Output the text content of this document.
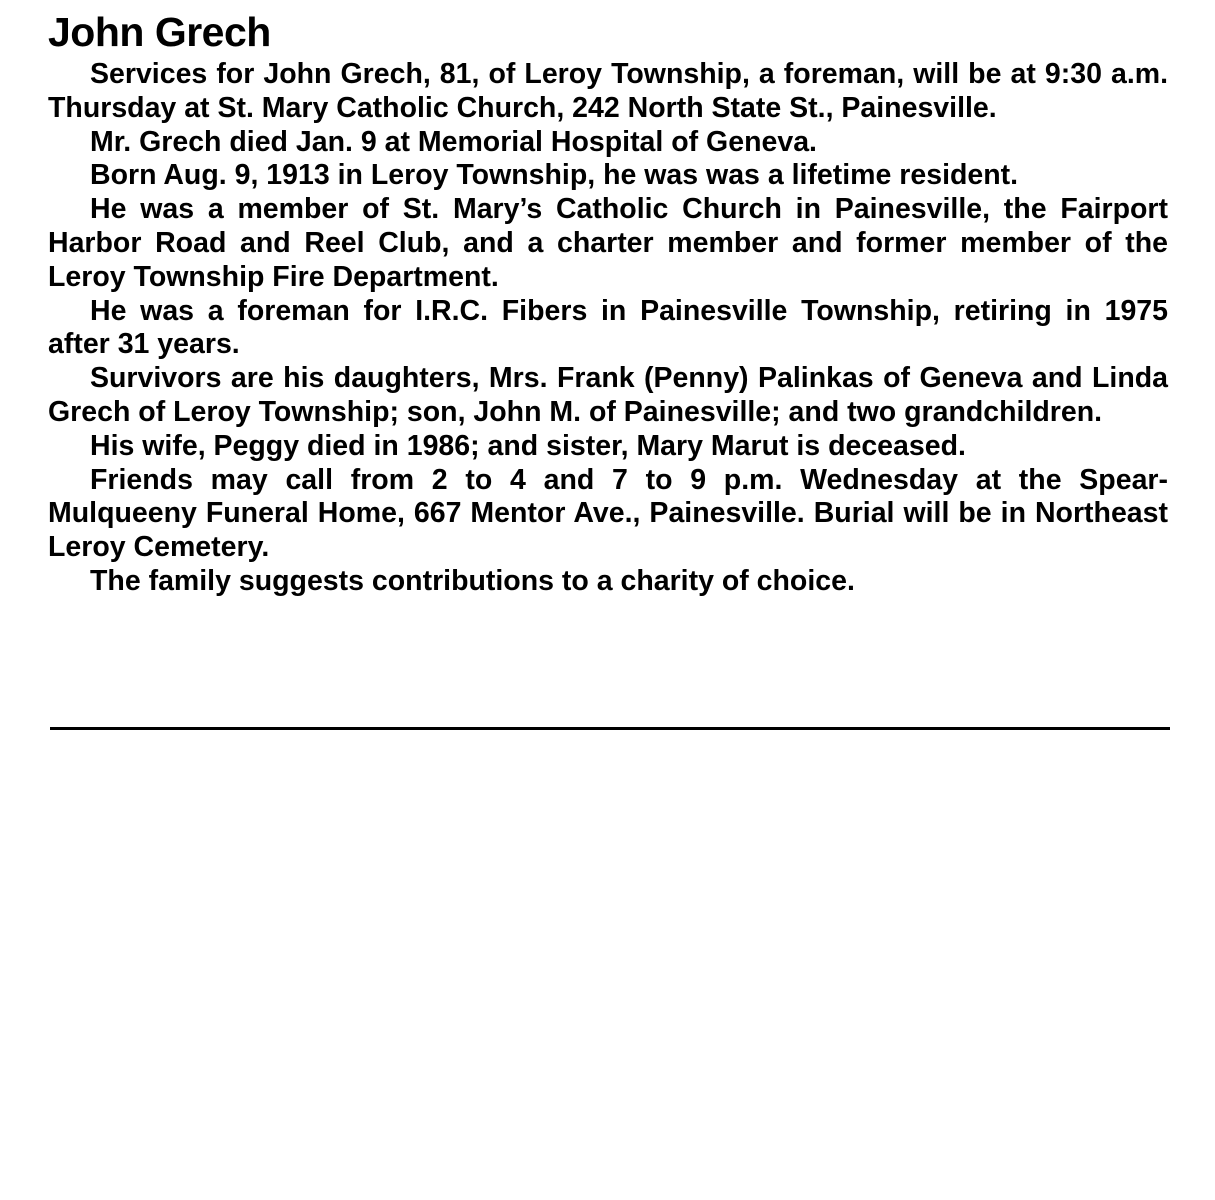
John Grech

Services for John Grech, 81, of Leroy Township, a foreman, will be at 9:30 a.m. Thursday at St. Mary Catholic Church, 242 North State St., Painesville.

Mr. Grech died Jan. 9 at Memorial Hospital of Geneva.

Born Aug. 9, 1913 in Leroy Township, he was was a lifetime resident.

He was a member of St. Mary’s Catholic Church in Painesville, the Fairport Harbor Road and Reel Club, and a charter member and former member of the Leroy Township Fire Department.

He was a foreman for I.R.C. Fibers in Painesville Township, retiring in 1975 after 31 years.

Survivors are his daughters, Mrs. Frank (Penny) Palinkas of Geneva and Linda Grech of Leroy Township; son, John M. of Painesville; and two grandchildren.

His wife, Peggy died in 1986; and sister, Mary Marut is deceased.

Friends may call from 2 to 4 and 7 to 9 p.m. Wednesday at the Spear-Mulqueeny Funeral Home, 667 Mentor Ave., Painesville. Burial will be in Northeast Leroy Cemetery.

The family suggests contributions to a charity of choice.
